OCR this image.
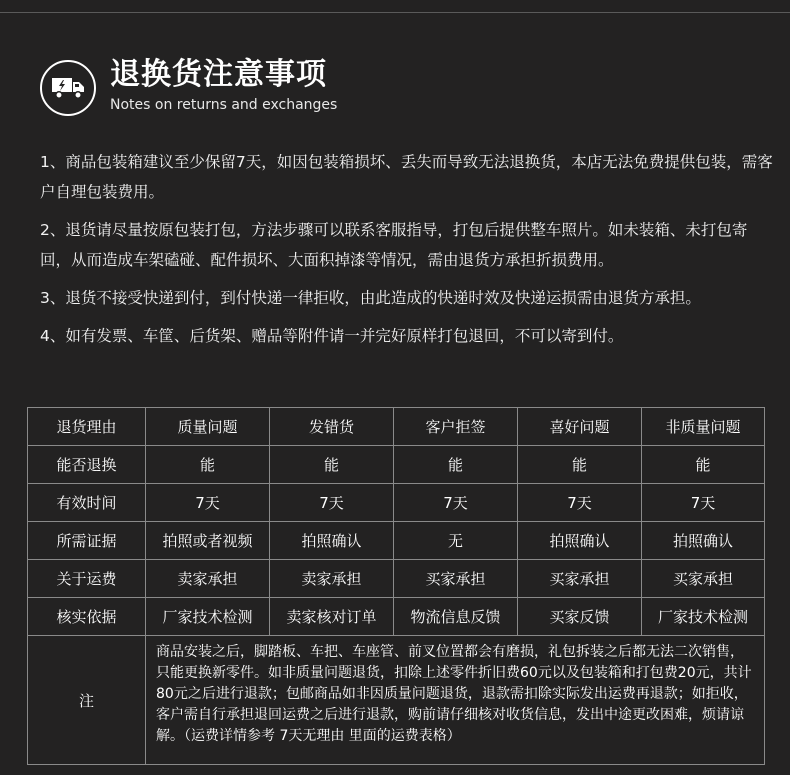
退换货注意事项
Notes on returns and exchanges

1、商品包装箱建议至少保留7天，如因包装箱损坏、丢失而导致无法退换货，本店无法免费提供包装，需客户自理包装费用。

2、退货请尽量按原包装打包，方法步骤可以联系客服指导，打包后提供整车照片。如未装箱、未打包寄回，从而造成车架磕碰、配件损坏、大面积掉漆等情况，需由退货方承担折损费用。

3、退货不接受快递到付，到付快递一律拒收，由此造成的快递时效及快递运损需由退货方承担。

4、如有发票、车筐、后货架、赠品等附件请一并完好原样打包退回，不可以寄到付。

退货理由	质量问题	发错货	客户拒签	喜好问题	非质量问题
能否退换	能	能	能	能	能
有效时间	7天	7天	7天	7天	7天
所需证据	拍照或者视频	拍照确认	无	拍照确认	拍照确认
关于运费	卖家承担	卖家承担	买家承担	买家承担	买家承担
核实依据	厂家技术检测	卖家核对订单	物流信息反馈	买家反馈	厂家技术检测
注	商品安装之后，脚踏板、车把、车座管、前叉位置都会有磨损，礼包拆装之后都无法二次销售，只能更换新零件。如非质量问题退货，扣除上述零件折旧费60元以及包装箱和打包费20元，共计80元之后进行退款；包邮商品如非因质量问题退货，退款需扣除实际发出运费再退款；如拒收，客户需自行承担退回运费之后进行退款，购前请仔细核对收货信息，发出中途更改困难，烦请谅解。（运费详情参考 7天无理由 里面的运费表格）				
